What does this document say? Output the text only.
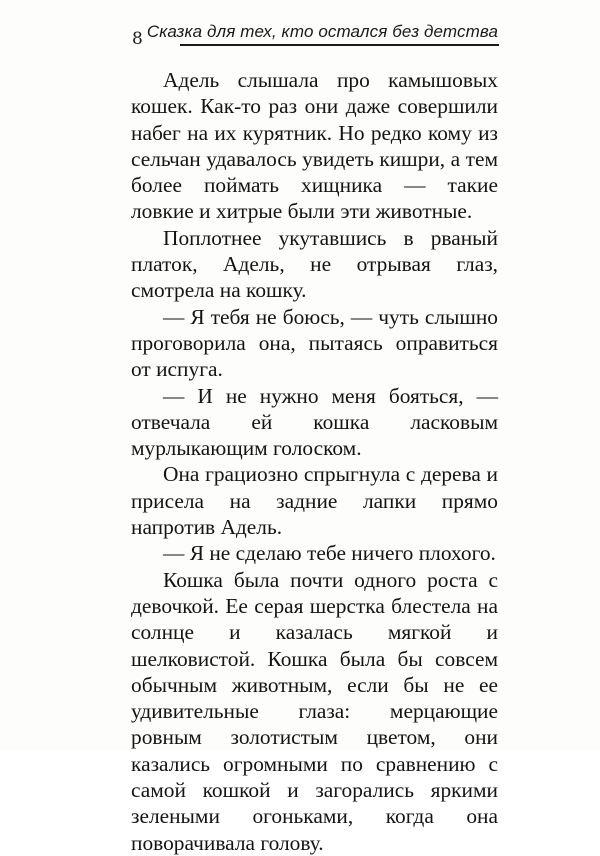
8 Сказка для тех, кто остался без детства

Адель слышала про камышовых кошек. Как-то раз они даже совершили набег на их курятник. Но редко кому из сельчан удавалось увидеть кишри, а тем более поймать хищника — такие ловкие и хитрые были эти животные.

Поплотнее укутавшись в рваный платок, Адель, не отрывая глаз, смотрела на кошку.

— Я тебя не боюсь, — чуть слышно проговорила она, пытаясь оправиться от испуга.

— И не нужно меня бояться, — отвечала ей кошка ласковым мурлыкающим голоском.

Она грациозно спрыгнула с дерева и присела на задние лапки прямо напротив Адель.

— Я не сделаю тебе ничего плохого.

Кошка была почти одного роста с девочкой. Ее серая шерстка блестела на солнце и казалась мягкой и шелковистой. Кошка была бы совсем обычным животным, если бы не ее удивительные глаза: мерцающие ровным золотистым цветом, они казались огромными по сравнению с самой кошкой и загорались яркими зелеными огоньками, когда она поворачивала голову.
